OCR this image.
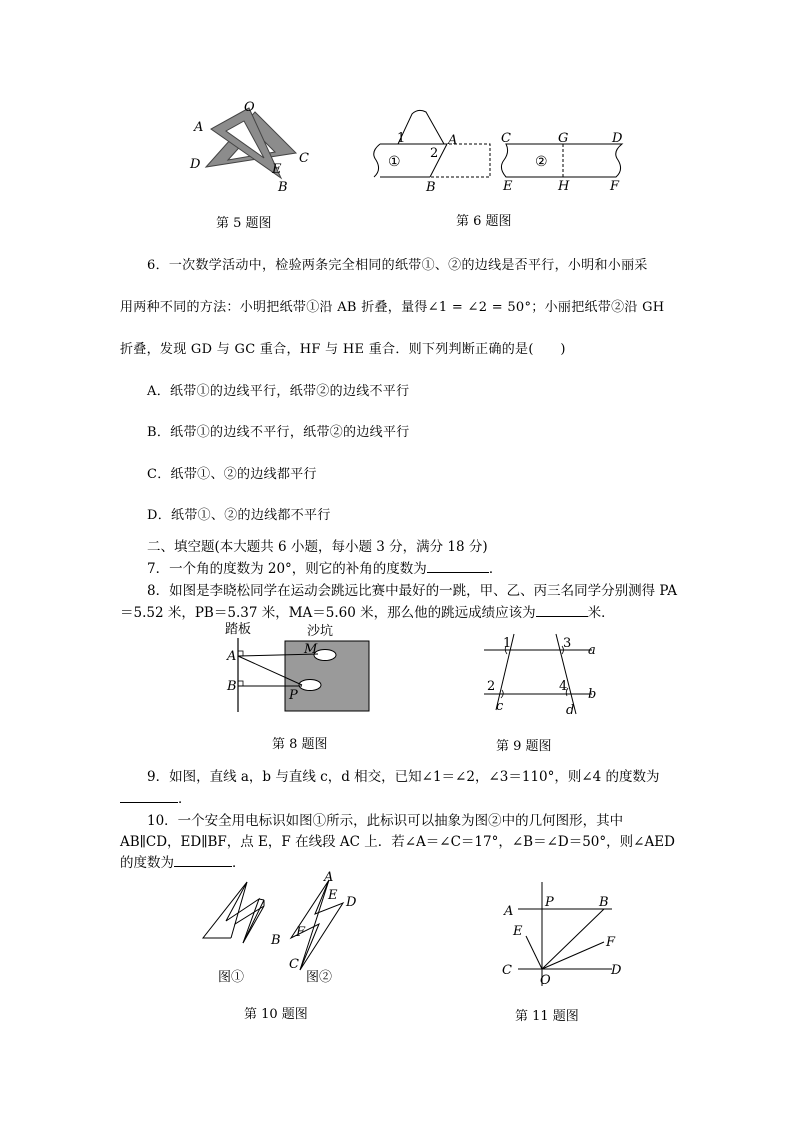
O
A
D	C
E
B
第 5 题图
1
2
A
B
①	②
C	G	D
E	H	F
第 6 题图
6．一次数学活动中，检验两条完全相同的纸带①、②的边线是否平行，小明和小丽采
用两种不同的方法：小明把纸带①沿 AB 折叠，量得∠1 = ∠2 = 50°；小丽把纸带②沿 GH
折叠，发现 GD 与 GC 重合，HF 与 HE 重合．则下列判断正确的是(　　)
A．纸带①的边线平行，纸带②的边线不平行
B．纸带①的边线不平行，纸带②的边线平行
C．纸带①、②的边线都平行
D．纸带①、②的边线都不平行
二、填空题(本大题共 6 小题，每小题 3 分，满分 18 分)
7．一个角的度数为 20°，则它的补角的度数为	．
8．如图是李晓松同学在运动会跳远比赛中最好的一跳，甲、乙、丙三名同学分别测得 PA
＝5.52 米，PB＝5.37 米，MA＝5.60 米，那么他的跳远成绩应该为	米．
踏板	沙坑
A
B
M
P
第 8 题图
1	3
2	4
a
b
c	d
第 9 题图
9．如图，直线 a，b 与直线 c，d 相交，已知∠1＝∠2，∠3＝110°，则∠4 的度数为
．
10．一个安全用电标识如图①所示，此标识可以抽象为图②中的几何图形，其中
AB∥CD，ED∥BF，点 E，F 在线段 AC 上．若∠A＝∠C＝17°，∠B＝∠D＝50°，则∠AED
的度数为	．
A
E D
B
F
C
图①	图②
第 10 题图
A
P	B
E
F
C
O
D
第 11 题图
